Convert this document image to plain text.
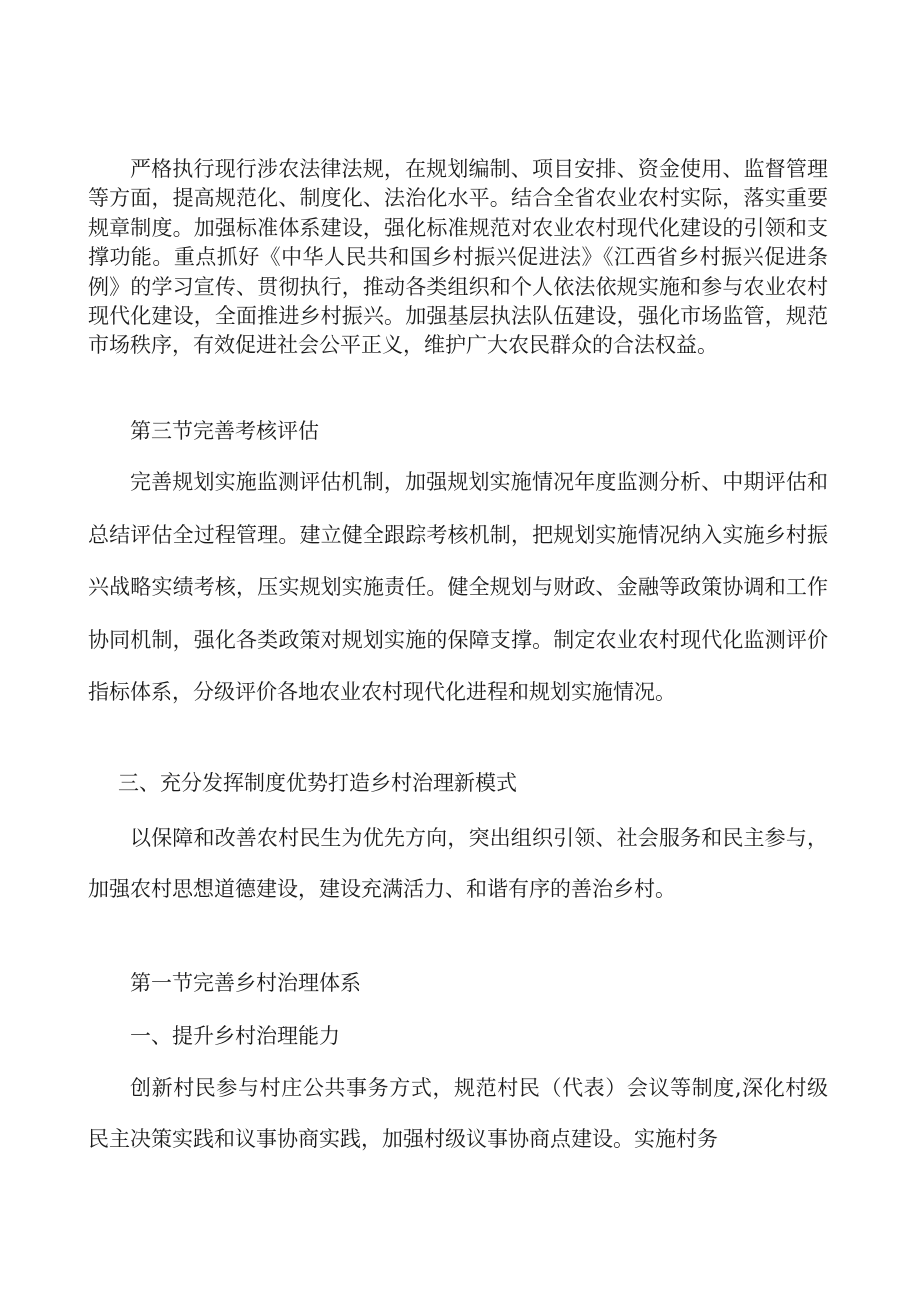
严格执行现行涉农法律法规，在规划编制、项目安排、资金使用、监督管理等方面，提高规范化、制度化、法治化水平。结合全省农业农村实际，落实重要规章制度。加强标准体系建设，强化标准规范对农业农村现代化建设的引领和支撑功能。重点抓好《中华人民共和国乡村振兴促进法》《江西省乡村振兴促进条例》的学习宣传、贯彻执行，推动各类组织和个人依法依规实施和参与农业农村现代化建设，全面推进乡村振兴。加强基层执法队伍建设，强化市场监管，规范市场秩序，有效促进社会公平正义，维护广大农民群众的合法权益。

第三节完善考核评估

完善规划实施监测评估机制，加强规划实施情况年度监测分析、中期评估和总结评估全过程管理。建立健全跟踪考核机制，把规划实施情况纳入实施乡村振兴战略实绩考核，压实规划实施责任。健全规划与财政、金融等政策协调和工作协同机制，强化各类政策对规划实施的保障支撑。制定农业农村现代化监测评价指标体系，分级评价各地农业农村现代化进程和规划实施情况。

三、充分发挥制度优势打造乡村治理新模式

以保障和改善农村民生为优先方向，突出组织引领、社会服务和民主参与，加强农村思想道德建设，建设充满活力、和谐有序的善治乡村。

第一节完善乡村治理体系

一、提升乡村治理能力

创新村民参与村庄公共事务方式，规范村民（代表）会议等制度,深化村级民主决策实践和议事协商实践，加强村级议事协商点建设。实施村务
